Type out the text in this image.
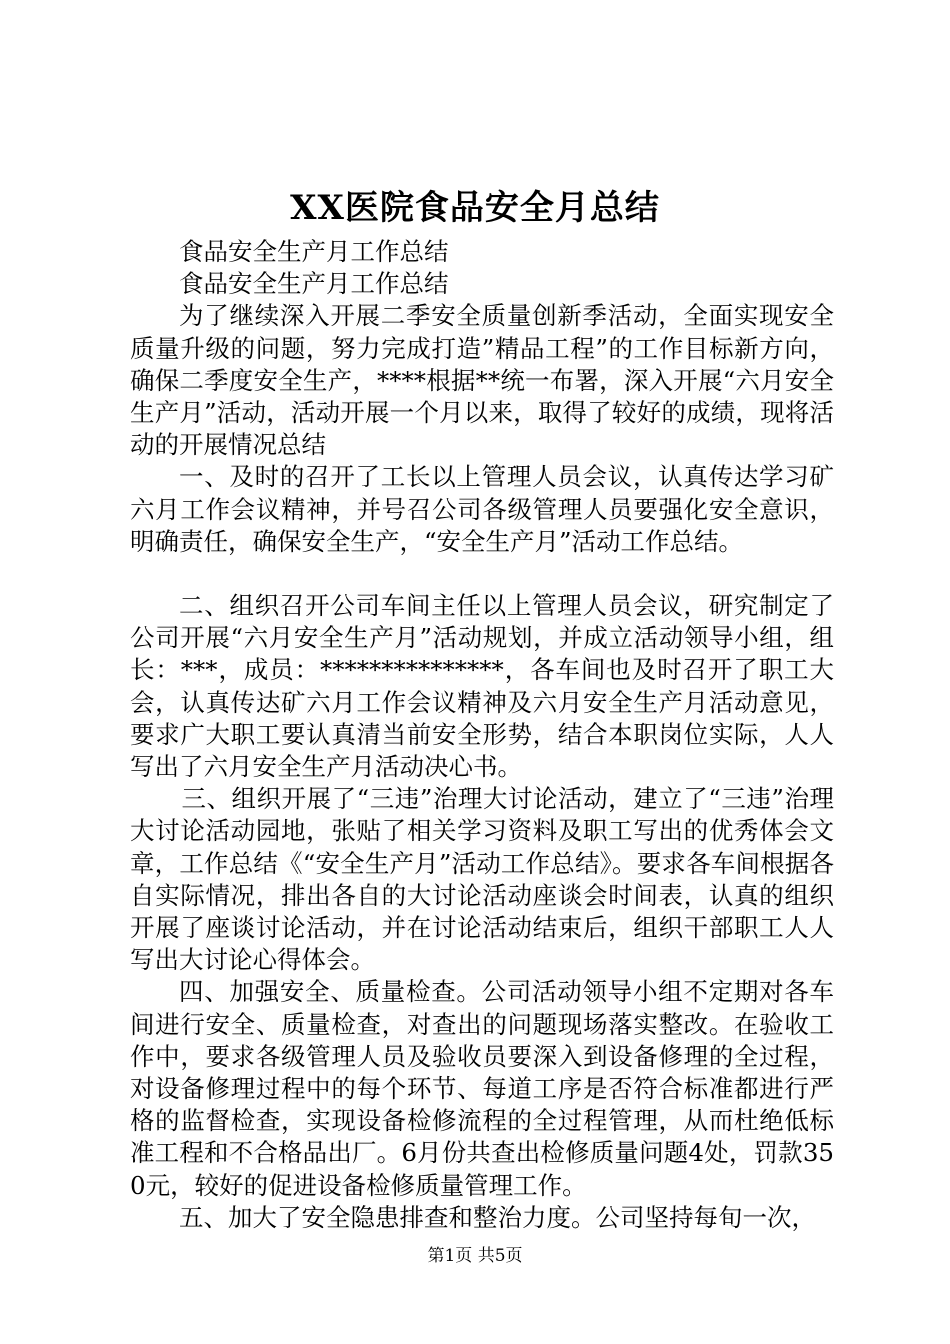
XX医院食品安全月总结

食品安全生产月工作总结

食品安全生产月工作总结

为了继续深入开展二季安全质量创新季活动，全面实现安全质量升级的问题，努力完成打造”精品工程”的工作目标新方向，确保二季度安全生产，****根据**统一布署，深入开展“六月安全生产月”活动，活动开展一个月以来，取得了较好的成绩，现将活动的开展情况总结

一、及时的召开了工长以上管理人员会议，认真传达学习矿六月工作会议精神，并号召公司各级管理人员要强化安全意识，明确责任，确保安全生产，“安全生产月”活动工作总结。

二、组织召开公司车间主任以上管理人员会议，研究制定了公司开展“六月安全生产月”活动规划，并成立活动领导小组，组长：***，成员：***************，各车间也及时召开了职工大会，认真传达矿六月工作会议精神及六月安全生产月活动意见，要求广大职工要认真清当前安全形势，结合本职岗位实际，人人写出了六月安全生产月活动决心书。

三、组织开展了“三违”治理大讨论活动，建立了“三违”治理大讨论活动园地，张贴了相关学习资料及职工写出的优秀体会文章，工作总结《“安全生产月”活动工作总结》。要求各车间根据各自实际情况，排出各自的大讨论活动座谈会时间表，认真的组织开展了座谈讨论活动，并在讨论活动结束后，组织干部职工人人写出大讨论心得体会。

四、加强安全、质量检查。公司活动领导小组不定期对各车间进行安全、质量检查，对查出的问题现场落实整改。在验收工作中，要求各级管理人员及验收员要深入到设备修理的全过程，对设备修理过程中的每个环节、每道工序是否符合标准都进行严格的监督检查，实现设备检修流程的全过程管理，从而杜绝低标准工程和不合格品出厂。6月份共查出检修质量问题4处，罚款350元，较好的促进设备检修质量管理工作。

五、加大了安全隐患排查和整治力度。公司坚持每旬一次，

第1页 共5页
